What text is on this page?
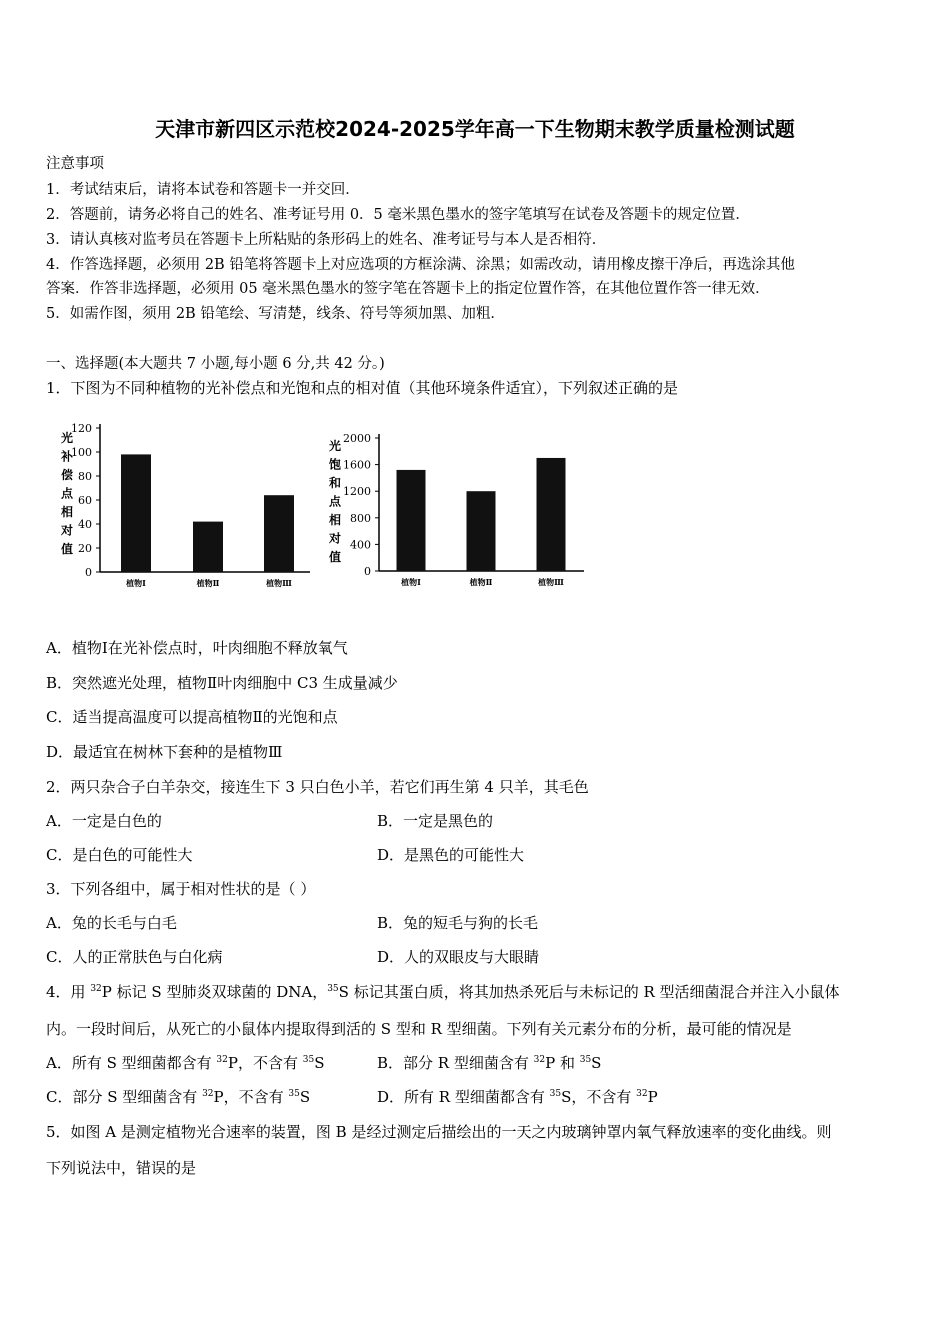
天津市新四区示范校2024-2025学年高一下生物期末教学质量检测试题
注意事项
1．考试结束后，请将本试卷和答题卡一并交回．
2．答题前，请务必将自己的姓名、准考证号用 0．5 毫米黑色墨水的签字笔填写在试卷及答题卡的规定位置．
3．请认真核对监考员在答题卡上所粘贴的条形码上的姓名、准考证号与本人是否相符．
4．作答选择题，必须用 2B 铅笔将答题卡上对应选项的方框涂满、涂黑；如需改动，请用橡皮擦干净后，再选涂其他
答案．作答非选择题，必须用 05 毫米黑色墨水的签字笔在答题卡上的指定位置作答，在其他位置作答一律无效．
5．如需作图，须用 2B 铅笔绘、写清楚，线条、符号等须加黑、加粗．
一、选择题(本大题共 7 小题,每小题 6 分,共 42 分。)
1．下图为不同种植物的光补偿点和光饱和点的相对值（其他环境条件适宜），下列叙述正确的是
光
补
偿
点
相
对
值
0
20
40
60
80
100
120
植物Ⅰ	植物Ⅱ	植物Ⅲ
光
饱
和
点
相
对
值
0
400
800
1200
1600
2000
植物Ⅰ	植物Ⅱ	植物Ⅲ
A．植物Ⅰ在光补偿点时，叶肉细胞不释放氧气
B．突然遮光处理，植物Ⅱ叶肉细胞中 C3 生成量减少
C．适当提高温度可以提高植物Ⅱ的光饱和点
D．最适宜在树林下套种的是植物Ⅲ
2．两只杂合子白羊杂交，接连生下 3 只白色小羊，若它们再生第 4 只羊，其毛色
A．一定是白色的	B．一定是黑色的
C．是白色的可能性大	D．是黑色的可能性大
3．下列各组中，属于相对性状的是（ ）
A．兔的长毛与白毛	B．兔的短毛与狗的长毛
C．人的正常肤色与白化病	D．人的双眼皮与大眼睛
4．用 $^{32}$P 标记 S 型肺炎双球菌的 DNA，$^{35}$S 标记其蛋白质，将其加热杀死后与未标记的 R 型活细菌混合并注入小鼠体
内。一段时间后，从死亡的小鼠体内提取得到活的 S 型和 R 型细菌。下列有关元素分布的分析，最可能的情况是
A．所有 S 型细菌都含有 $^{32}$P，不含有 $^{35}$S	B．部分 R 型细菌含有 $^{32}$P 和 $^{35}$S
C．部分 S 型细菌含有 $^{32}$P，不含有 $^{35}$S	D．所有 R 型细菌都含有 $^{35}$S，不含有 $^{32}$P
5．如图 A 是测定植物光合速率的装置，图 B 是经过测定后描绘出的一天之内玻璃钟罩内氧气释放速率的变化曲线。则
下列说法中，错误的是
